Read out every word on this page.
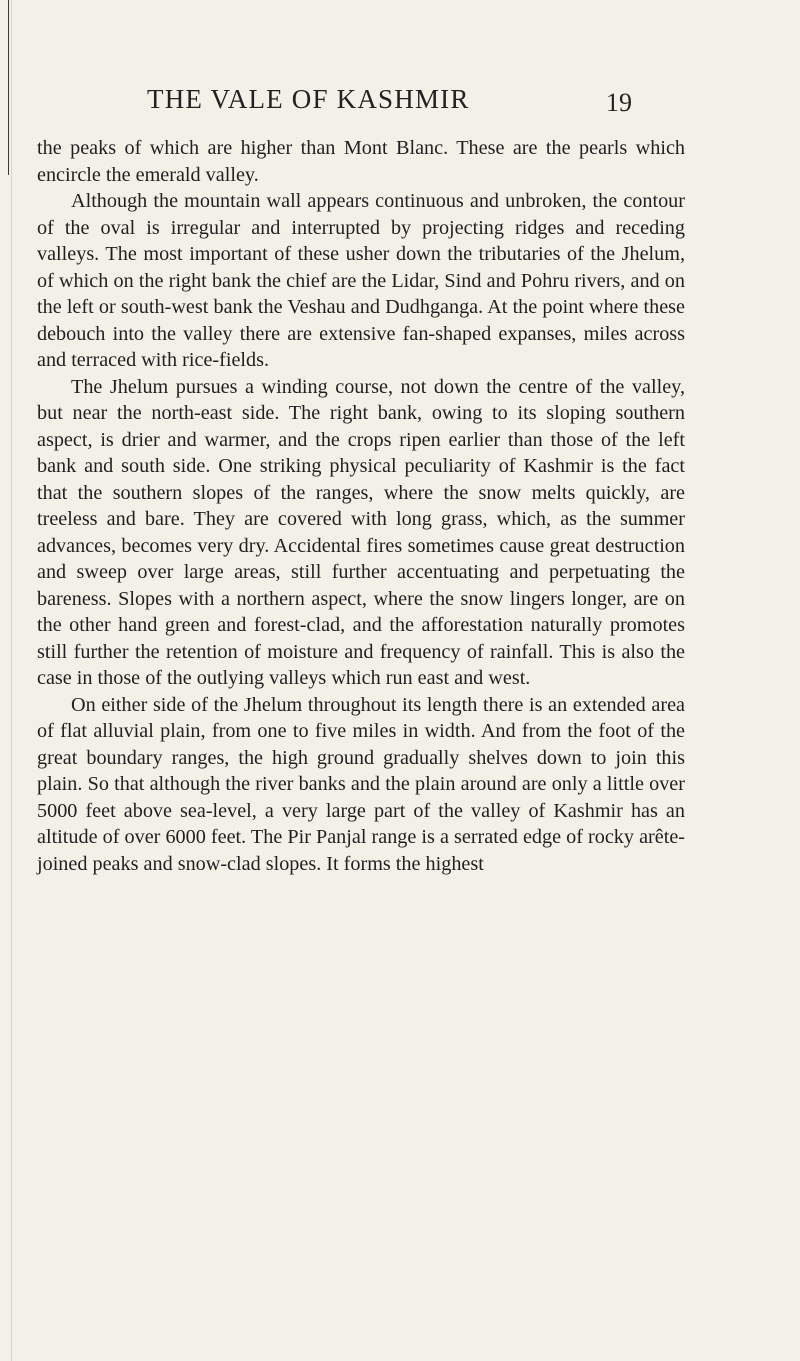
THE VALE OF KASHMIR	19

the peaks of which are higher than Mont Blanc. These are the pearls which encircle the emerald valley.

Although the mountain wall appears continuous and unbroken, the contour of the oval is irregular and interrupted by projecting ridges and receding valleys. The most important of these usher down the tributaries of the Jhelum, of which on the right bank the chief are the Lidar, Sind and Pohru rivers, and on the left or south-west bank the Veshau and Dudhganga. At the point where these debouch into the valley there are extensive fan-shaped expanses, miles across and terraced with rice-fields.

The Jhelum pursues a winding course, not down the centre of the valley, but near the north-east side. The right bank, owing to its sloping southern aspect, is drier and warmer, and the crops ripen earlier than those of the left bank and south side. One striking physical peculiarity of Kashmir is the fact that the southern slopes of the ranges, where the snow melts quickly, are treeless and bare. They are covered with long grass, which, as the summer advances, becomes very dry. Accidental fires sometimes cause great destruction and sweep over large areas, still further accentuating and perpetuating the bareness. Slopes with a northern aspect, where the snow lingers longer, are on the other hand green and forest-clad, and the afforestation naturally promotes still further the retention of moisture and frequency of rainfall. This is also the case in those of the outlying valleys which run east and west.

On either side of the Jhelum throughout its length there is an extended area of flat alluvial plain, from one to five miles in width. And from the foot of the great boundary ranges, the high ground gradually shelves down to join this plain. So that although the river banks and the plain around are only a little over 5000 feet above sea-level, a very large part of the valley of Kashmir has an altitude of over 6000 feet. The Pir Panjal range is a serrated edge of rocky arête-joined peaks and snow-clad slopes. It forms the highest
